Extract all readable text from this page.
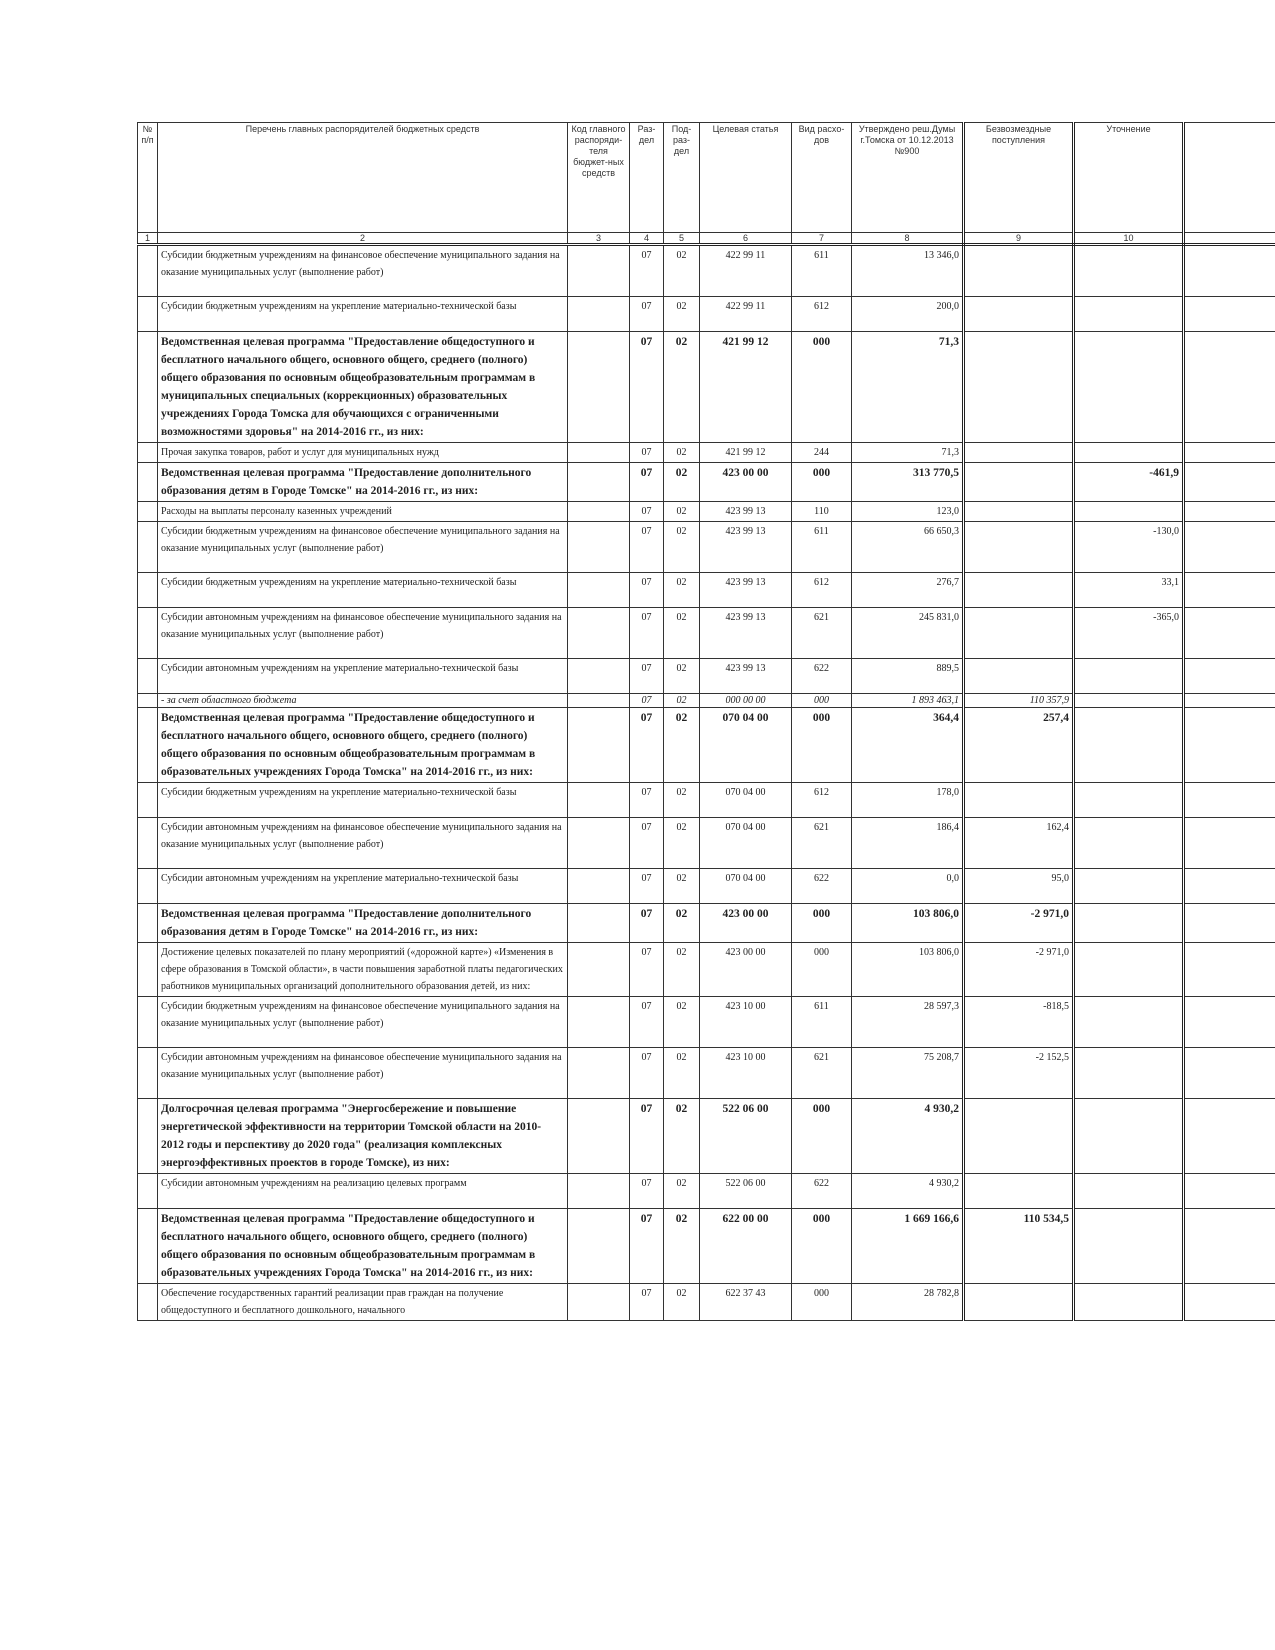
№ п/п	Перечень главных распорядителей бюджетных средств	Код главного распоряди-теля бюджет-ных средств	Раз-дел	Под-раз-дел	Целевая статья	Вид расхо-дов	Утверждено реш.Думы г.Томска от 10.12.2013 №900	Безвозмездные поступления	Уточнение	
1	2	3	4	5	6	7	8	9	10	
	Субсидии бюджетным учреждениям на финансовое обеспечение муниципального задания на оказание муниципальных услуг (выполнение работ)		07	02	422 99 11	611	13 346,0			
	Субсидии бюджетным учреждениям на укрепление материально-технической базы		07	02	422 99 11	612	200,0			
	Ведомственная целевая программа "Предоставление общедоступного и бесплатного начального общего, основного общего, среднего (полного) общего образования по основным общеобразовательным программам в муниципальных специальных (коррекционных) образовательных учреждениях Города Томска для обучающихся с ограниченными возможностями здоровья" на 2014-2016 гг., из них:		07	02	421 99 12	000	71,3			
	Прочая закупка товаров, работ и услуг для муниципальных нужд		07	02	421 99 12	244	71,3			
	Ведомственная целевая программа "Предоставление дополнительного образования детям в Городе Томске" на 2014-2016 гг., из них:		07	02	423 00 00	000	313 770,5		-461,9	
	Расходы на выплаты персоналу казенных учреждений		07	02	423 99 13	110	123,0			
	Субсидии бюджетным учреждениям на финансовое обеспечение муниципального задания на оказание муниципальных услуг (выполнение работ)		07	02	423 99 13	611	66 650,3		-130,0	
	Субсидии бюджетным учреждениям на укрепление материально-технической базы		07	02	423 99 13	612	276,7		33,1	
	Субсидии автономным учреждениям на финансовое обеспечение муниципального задания на оказание муниципальных услуг (выполнение работ)		07	02	423 99 13	621	245 831,0		-365,0	
	Субсидии автономным учреждениям на укрепление материально-технической базы		07	02	423 99 13	622	889,5			
	- за счет областного бюджета		07	02	000 00 00	000	1 893 463,1	110 357,9		
	Ведомственная целевая программа "Предоставление общедоступного и бесплатного начального общего, основного общего, среднего (полного) общего образования по основным общеобразовательным программам в образовательных учреждениях Города Томска" на 2014-2016 гг., из них:		07	02	070 04 00	000	364,4	257,4		
	Субсидии бюджетным учреждениям на укрепление материально-технической базы		07	02	070 04 00	612	178,0			
	Субсидии автономным учреждениям на финансовое обеспечение муниципального задания на оказание муниципальных услуг (выполнение работ)		07	02	070 04 00	621	186,4	162,4		
	Субсидии автономным учреждениям на укрепление материально-технической базы		07	02	070 04 00	622	0,0	95,0		
	Ведомственная целевая программа "Предоставление дополнительного образования детям в Городе Томске" на 2014-2016 гг., из них:		07	02	423 00 00	000	103 806,0	-2 971,0		
	Достижение целевых показателей по плану мероприятий («дорожной карте») «Изменения в сфере образования в Томской области», в части повышения заработной платы педагогических работников муниципальных организаций дополнительного образования детей, из них:		07	02	423 00 00	000	103 806,0	-2 971,0		
	Субсидии бюджетным учреждениям на финансовое обеспечение муниципального задания на оказание муниципальных услуг (выполнение работ)		07	02	423 10 00	611	28 597,3	-818,5		
	Субсидии автономным учреждениям на финансовое обеспечение муниципального задания на оказание муниципальных услуг (выполнение работ)		07	02	423 10 00	621	75 208,7	-2 152,5		
	Долгосрочная целевая программа "Энергосбережение и повышение энергетической эффективности на территории Томской области на 2010-2012 годы и перспективу до 2020 года" (реализация комплексных энергоэффективных проектов в городе Томске), из них:		07	02	522 06 00	000	4 930,2			
	Субсидии автономным учреждениям на реализацию целевых программ		07	02	522 06 00	622	4 930,2			
	Ведомственная целевая программа "Предоставление общедоступного и бесплатного начального общего, основного общего, среднего (полного) общего образования по основным общеобразовательным программам в образовательных учреждениях Города Томска" на 2014-2016 гг., из них:		07	02	622 00 00	000	1 669 166,6	110 534,5		
	Обеспечение государственных гарантий реализации прав граждан на получение общедоступного и бесплатного дошкольного, начального		07	02	622 37 43	000	28 782,8			
